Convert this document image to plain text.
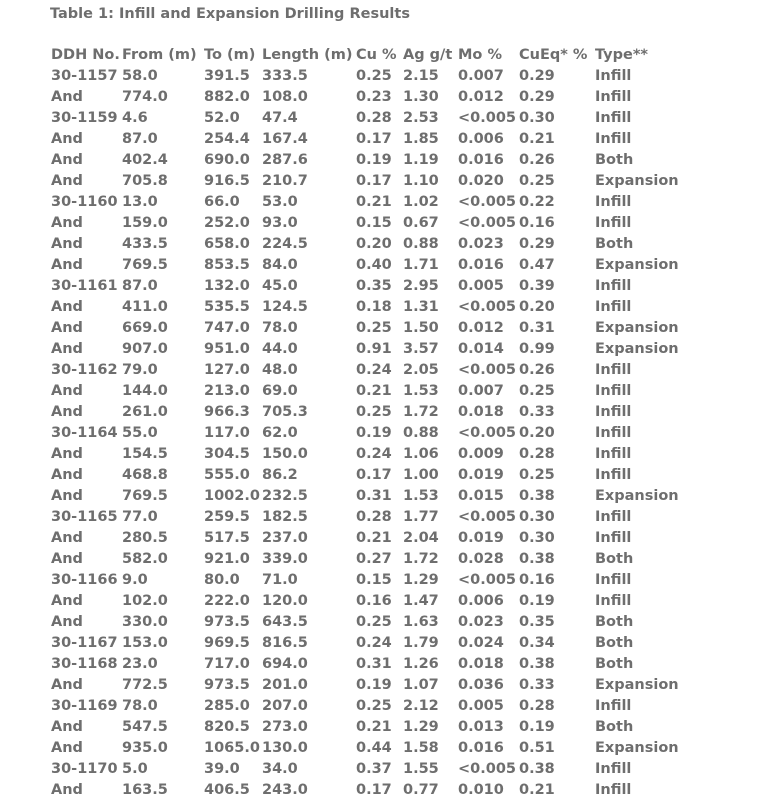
Table 1: Infill and Expansion Drilling Results
DDH No.	From (m)	To (m)	Length (m)	Cu %	Ag g/t	Mo %	CuEq* %	Type**
30-1157	58.0	391.5	333.5	0.25	2.15	0.007	0.29	Infill
And	774.0	882.0	108.0	0.23	1.30	0.012	0.29	Infill
30-1159	4.6	52.0	47.4	0.28	2.53	<0.005	0.30	Infill
And	87.0	254.4	167.4	0.17	1.85	0.006	0.21	Infill
And	402.4	690.0	287.6	0.19	1.19	0.016	0.26	Both
And	705.8	916.5	210.7	0.17	1.10	0.020	0.25	Expansion
30-1160	13.0	66.0	53.0	0.21	1.02	<0.005	0.22	Infill
And	159.0	252.0	93.0	0.15	0.67	<0.005	0.16	Infill
And	433.5	658.0	224.5	0.20	0.88	0.023	0.29	Both
And	769.5	853.5	84.0	0.40	1.71	0.016	0.47	Expansion
30-1161	87.0	132.0	45.0	0.35	2.95	0.005	0.39	Infill
And	411.0	535.5	124.5	0.18	1.31	<0.005	0.20	Infill
And	669.0	747.0	78.0	0.25	1.50	0.012	0.31	Expansion
And	907.0	951.0	44.0	0.91	3.57	0.014	0.99	Expansion
30-1162	79.0	127.0	48.0	0.24	2.05	<0.005	0.26	Infill
And	144.0	213.0	69.0	0.21	1.53	0.007	0.25	Infill
And	261.0	966.3	705.3	0.25	1.72	0.018	0.33	Infill
30-1164	55.0	117.0	62.0	0.19	0.88	<0.005	0.20	Infill
And	154.5	304.5	150.0	0.24	1.06	0.009	0.28	Infill
And	468.8	555.0	86.2	0.17	1.00	0.019	0.25	Infill
And	769.5	1002.0	232.5	0.31	1.53	0.015	0.38	Expansion
30-1165	77.0	259.5	182.5	0.28	1.77	<0.005	0.30	Infill
And	280.5	517.5	237.0	0.21	2.04	0.019	0.30	Infill
And	582.0	921.0	339.0	0.27	1.72	0.028	0.38	Both
30-1166	9.0	80.0	71.0	0.15	1.29	<0.005	0.16	Infill
And	102.0	222.0	120.0	0.16	1.47	0.006	0.19	Infill
And	330.0	973.5	643.5	0.25	1.63	0.023	0.35	Both
30-1167	153.0	969.5	816.5	0.24	1.79	0.024	0.34	Both
30-1168	23.0	717.0	694.0	0.31	1.26	0.018	0.38	Both
And	772.5	973.5	201.0	0.19	1.07	0.036	0.33	Expansion
30-1169	78.0	285.0	207.0	0.25	2.12	0.005	0.28	Infill
And	547.5	820.5	273.0	0.21	1.29	0.013	0.19	Both
And	935.0	1065.0	130.0	0.44	1.58	0.016	0.51	Expansion
30-1170	5.0	39.0	34.0	0.37	1.55	<0.005	0.38	Infill
And	163.5	406.5	243.0	0.17	0.77	0.010	0.21	Infill
